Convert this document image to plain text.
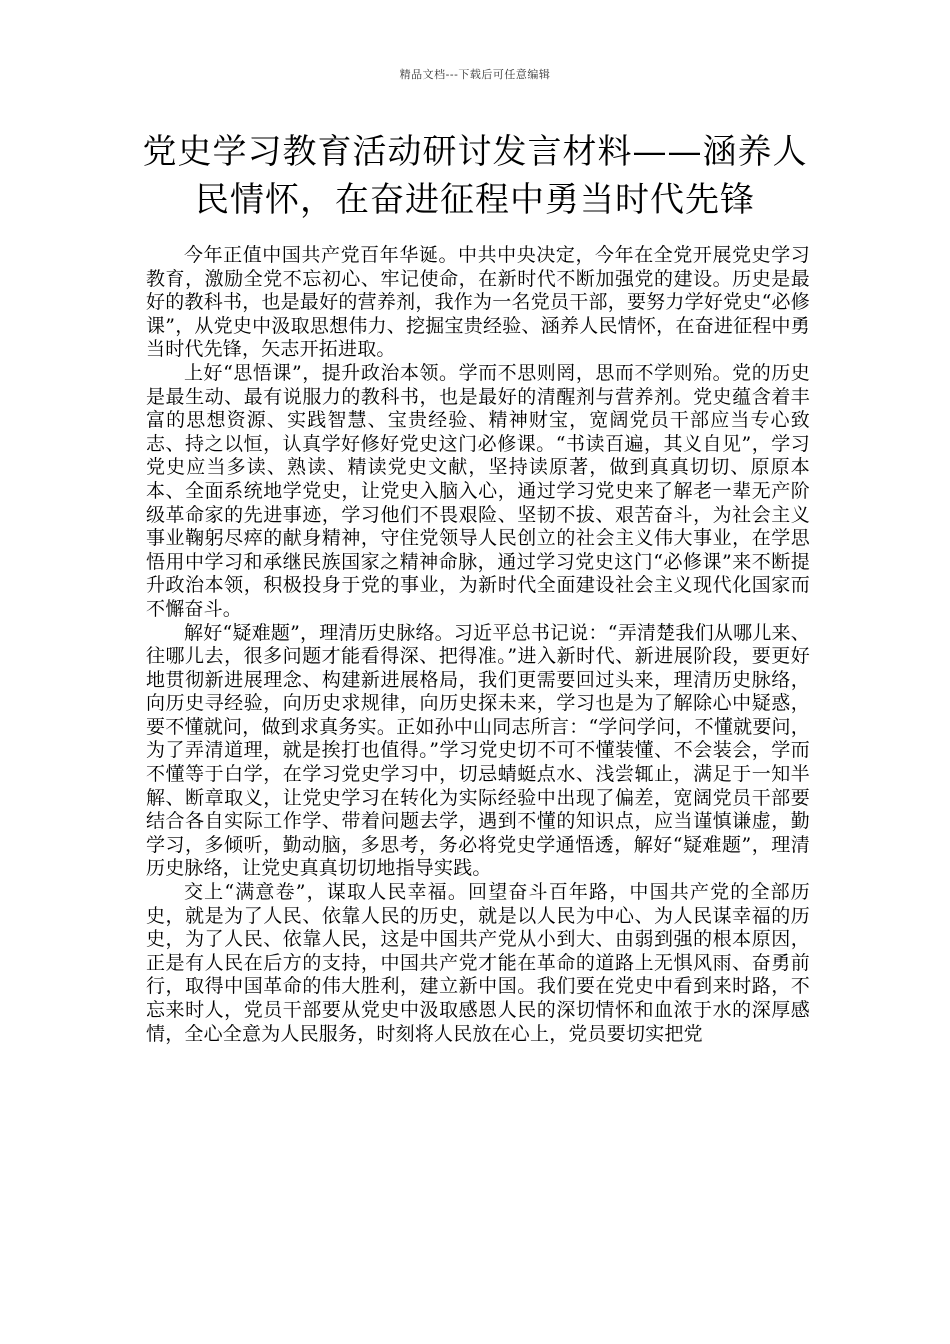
精品文档---下载后可任意编辑
党史学习教育活动研讨发言材料——涵养人民情怀，在奋进征程中勇当时代先锋

今年正值中国共产党百年华诞。中共中央决定，今年在全党开展党史学习教育，激励全党不忘初心、牢记使命，在新时代不断加强党的建设。历史是最好的教科书，也是最好的营养剂，我作为一名党员干部，要努力学好党史“必修课”，从党史中汲取思想伟力、挖掘宝贵经验、涵养人民情怀，在奋进征程中勇当时代先锋，矢志开拓进取。

上好“思悟课”，提升政治本领。学而不思则罔，思而不学则殆。党的历史是最生动、最有说服力的教科书，也是最好的清醒剂与营养剂。党史蕴含着丰富的思想资源、实践智慧、宝贵经验、精神财宝，宽阔党员干部应当专心致志、持之以恒，认真学好修好党史这门必修课。“书读百遍，其义自见”，学习党史应当多读、熟读、精读党史文献，坚持读原著，做到真真切切、原原本本、全面系统地学党史，让党史入脑入心，通过学习党史来了解老一辈无产阶级革命家的先进事迹，学习他们不畏艰险、坚韧不拔、艰苦奋斗，为社会主义事业鞠躬尽瘁的献身精神，守住党领导人民创立的社会主义伟大事业，在学思悟用中学习和承继民族国家之精神命脉，通过学习党史这门“必修课”来不断提升政治本领，积极投身于党的事业，为新时代全面建设社会主义现代化国家而不懈奋斗。

解好“疑难题”，理清历史脉络。习近平总书记说：“弄清楚我们从哪儿来、往哪儿去，很多问题才能看得深、把得准。”进入新时代、新进展阶段，要更好地贯彻新进展理念、构建新进展格局，我们更需要回过头来，理清历史脉络，向历史寻经验，向历史求规律，向历史探未来，学习也是为了解除心中疑惑，要不懂就问，做到求真务实。正如孙中山同志所言：“学问学问，不懂就要问，为了弄清道理，就是挨打也值得。”学习党史切不可不懂装懂、不会装会，学而不懂等于白学，在学习党史学习中，切忌蜻蜓点水、浅尝辄止，满足于一知半解、断章取义，让党史学习在转化为实际经验中出现了偏差，宽阔党员干部要结合各自实际工作学、带着问题去学，遇到不懂的知识点，应当谨慎谦虚，勤学习，多倾听，勤动脑，多思考，务必将党史学通悟透，解好“疑难题”，理清历史脉络，让党史真真切切地指导实践。

交上“满意卷”，谋取人民幸福。回望奋斗百年路，中国共产党的全部历史，就是为了人民、依靠人民的历史，就是以人民为中心、为人民谋幸福的历史，为了人民、依靠人民，这是中国共产党从小到大、由弱到强的根本原因，正是有人民在后方的支持，中国共产党才能在革命的道路上无惧风雨、奋勇前行，取得中国革命的伟大胜利，建立新中国。我们要在党史中看到来时路，不忘来时人，党员干部要从党史中汲取感恩人民的深切情怀和血浓于水的深厚感情，全心全意为人民服务，时刻将人民放在心上，党员要切实把党
